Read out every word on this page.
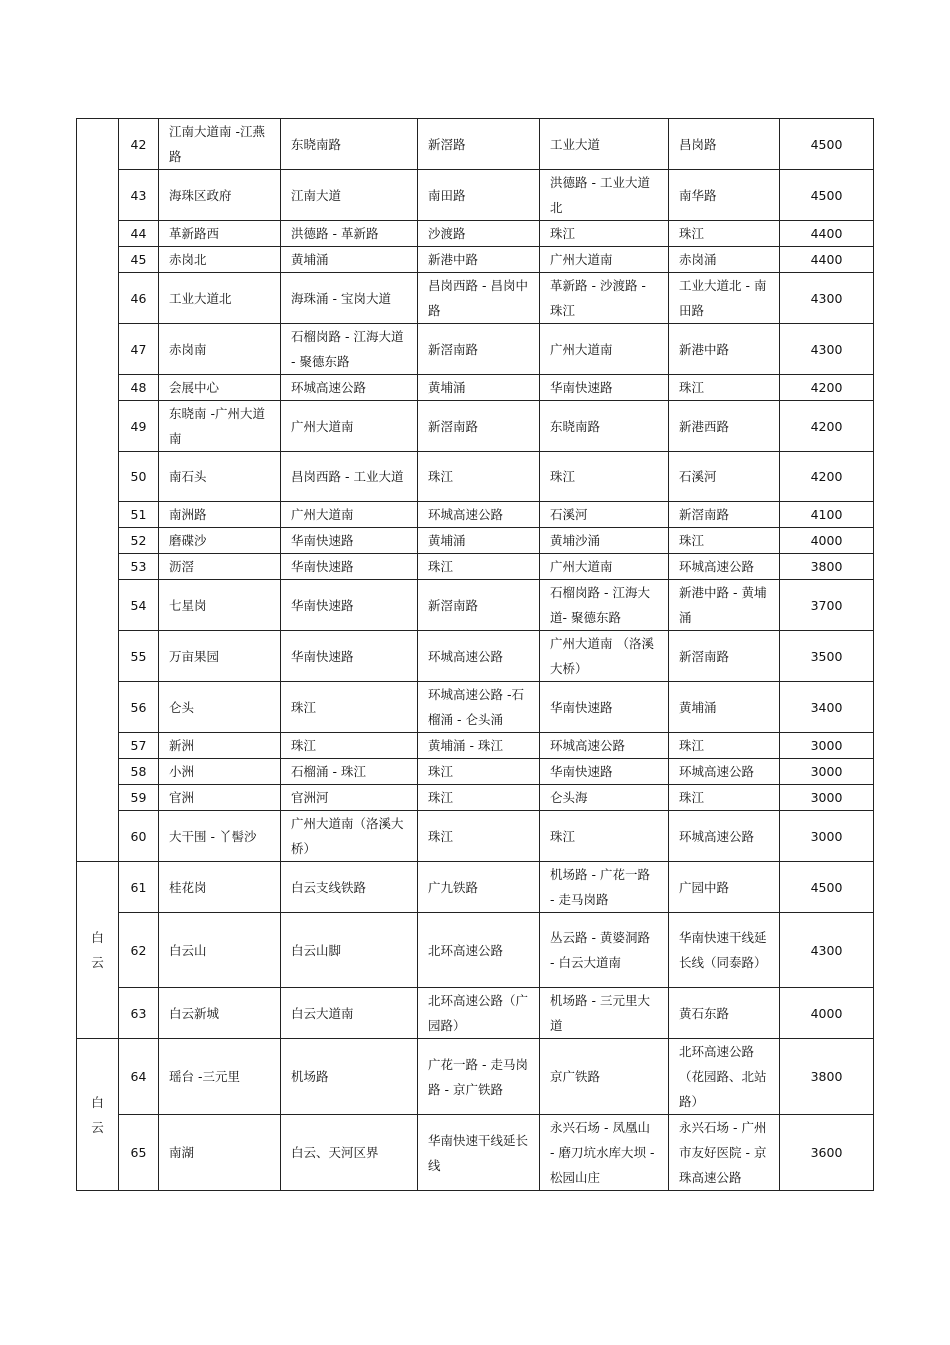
	42	江南大道南 -江燕路	东晓南路	新滘路	工业大道	昌岗路	4500
	43	海珠区政府	江南大道	南田路	洪德路 - 工业大道北	南华路	4500
	44	革新路西	洪德路 - 革新路	沙渡路	珠江	珠江	4400
	45	赤岗北	黄埔涌	新港中路	广州大道南	赤岗涌	4400
	46	工业大道北	海珠涌 - 宝岗大道	昌岗西路 - 昌岗中路	革新路 - 沙渡路 -珠江	工业大道北 - 南田路	4300
	47	赤岗南	石榴岗路 - 江海大道 - 聚德东路	新滘南路	广州大道南	新港中路	4300
	48	会展中心	环城高速公路	黄埔涌	华南快速路	珠江	4200
	49	东晓南 -广州大道南	广州大道南	新滘南路	东晓南路	新港西路	4200
	50	南石头	昌岗西路 - 工业大道	珠江	珠江	石溪河	4200
	51	南洲路	广州大道南	环城高速公路	石溪河	新滘南路	4100
	52	磨碟沙	华南快速路	黄埔涌	黄埔沙涌	珠江	4000
	53	沥滘	华南快速路	珠江	广州大道南	环城高速公路	3800
	54	七星岗	华南快速路	新滘南路	石榴岗路 - 江海大道- 聚德东路	新港中路 - 黄埔涌	3700
	55	万亩果园	华南快速路	环城高速公路	广州大道南 （洛溪大桥）	新滘南路	3500
	56	仑头	珠江	环城高速公路 -石榴涌 - 仑头涌	华南快速路	黄埔涌	3400
	57	新洲	珠江	黄埔涌 - 珠江	环城高速公路	珠江	3000
	58	小洲	石榴涌 - 珠江	珠江	华南快速路	环城高速公路	3000
	59	官洲	官洲河	珠江	仑头海	珠江	3000
	60	大干围 - 丫髻沙	广州大道南（洛溪大桥）	珠江	珠江	环城高速公路	3000

白云	61	桂花岗	白云支线铁路	广九铁路	机场路 - 广花一路 - 走马岗路	广园中路	4500
	62	白云山	白云山脚	北环高速公路	丛云路 - 黄婆洞路 - 白云大道南	华南快速干线延长线（同泰路）	4300
	63	白云新城	白云大道南	北环高速公路（广园路）	机场路 - 三元里大道	黄石东路	4000

白云	64	瑶台 -三元里	机场路	广花一路 - 走马岗路 - 京广铁路	京广铁路	北环高速公路（花园路、北站路）	3800
	65	南湖	白云、天河区界	华南快速干线延长线	永兴石场 - 凤凰山 - 磨刀坑水库大坝 - 松园山庄	永兴石场 - 广州市友好医院 - 京珠高速公路	3600
